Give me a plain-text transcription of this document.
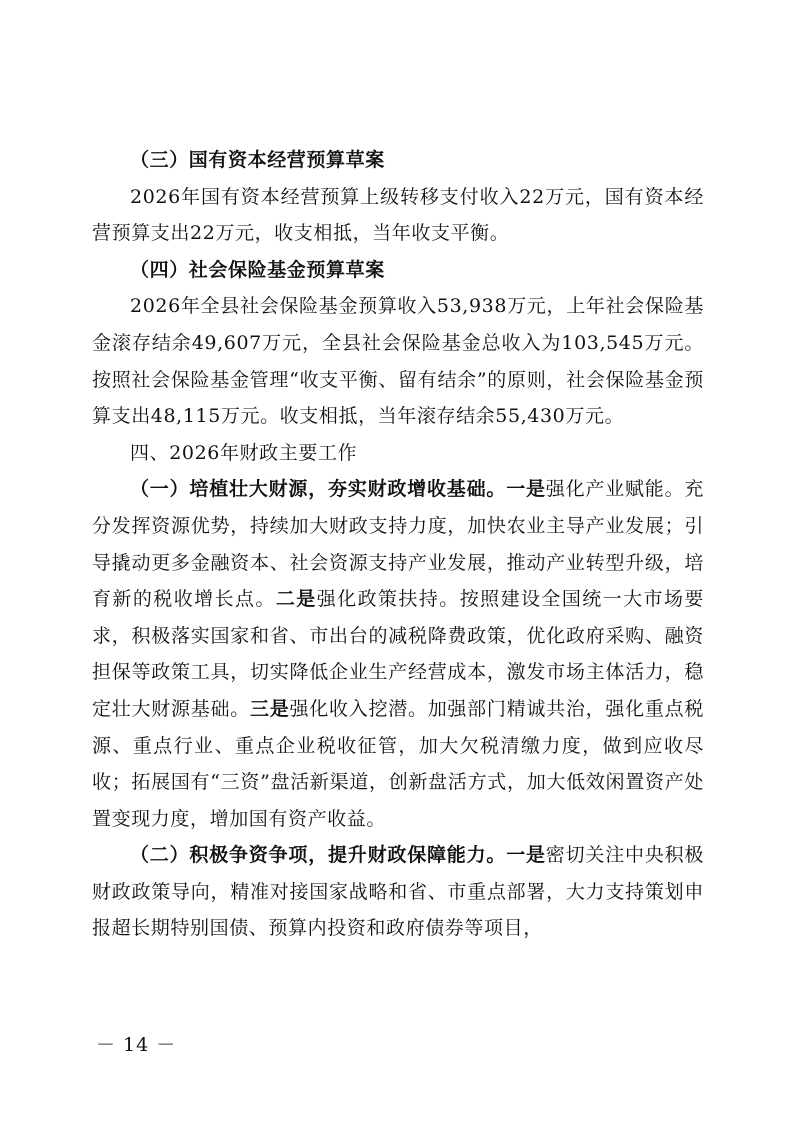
（三）国有资本经营预算草案

2026年国有资本经营预算上级转移支付收入22万元，国有资本经营预算支出22万元，收支相抵，当年收支平衡。

（四）社会保险基金预算草案

2026年全县社会保险基金预算收入53,938万元，上年社会保险基金滚存结余49,607万元，全县社会保险基金总收入为103,545万元。按照社会保险基金管理“收支平衡、留有结余”的原则，社会保险基金预算支出48,115万元。收支相抵，当年滚存结余55,430万元。

四、2026年财政主要工作

（一）培植壮大财源，夯实财政增收基础。一是强化产业赋能。充分发挥资源优势，持续加大财政支持力度，加快农业主导产业发展；引导撬动更多金融资本、社会资源支持产业发展，推动产业转型升级，培育新的税收增长点。二是强化政策扶持。按照建设全国统一大市场要求，积极落实国家和省、市出台的减税降费政策，优化政府采购、融资担保等政策工具，切实降低企业生产经营成本，激发市场主体活力，稳定壮大财源基础。三是强化收入挖潜。加强部门精诚共治，强化重点税源、重点行业、重点企业税收征管，加大欠税清缴力度，做到应收尽收；拓展国有“三资”盘活新渠道，创新盘活方式，加大低效闲置资产处置变现力度，增加国有资产收益。

（二）积极争资争项，提升财政保障能力。一是密切关注中央积极财政政策导向，精准对接国家战略和省、市重点部署，大力支持策划申报超长期特别国债、预算内投资和政府债券等项目，

－ 14 －
